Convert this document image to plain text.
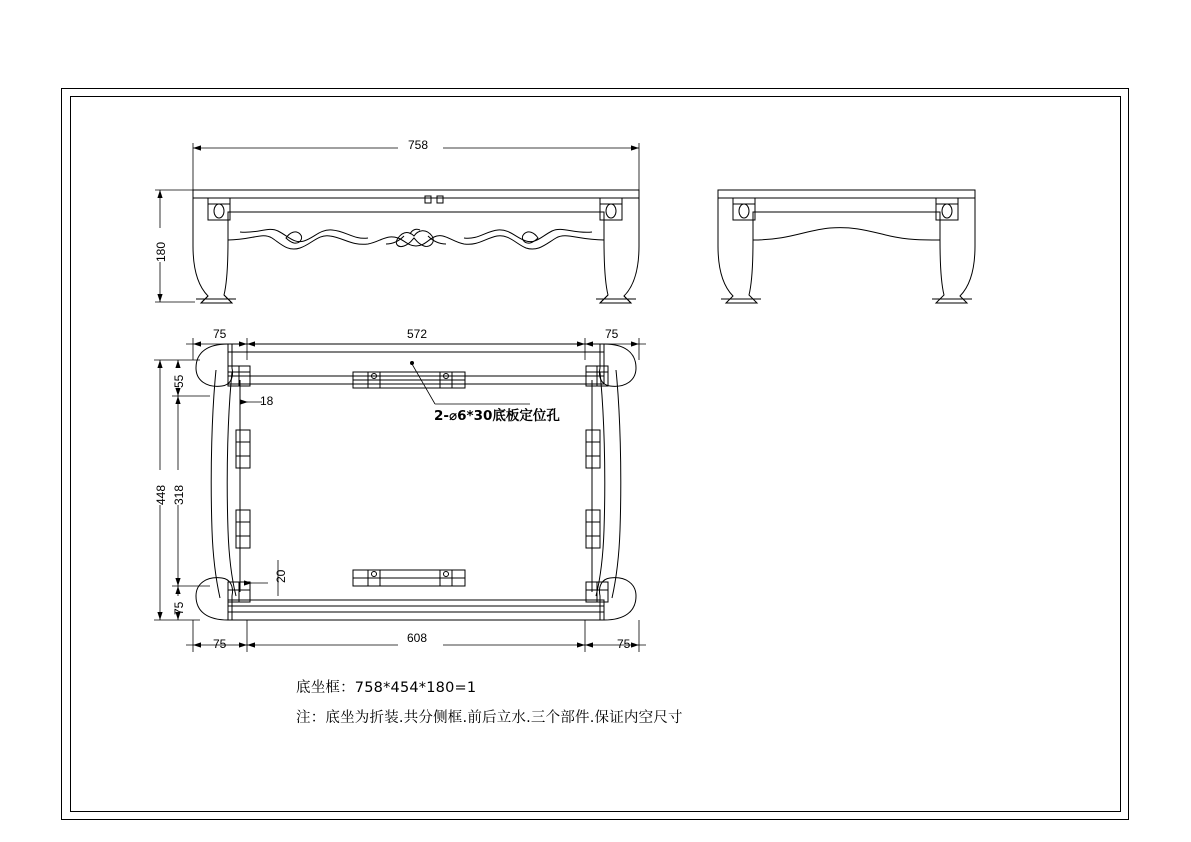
758
180
75	572	75
75	608	75
55
318
448
75
18
20
2-⌀6*30底板定位孔
底坐框：758*454*180=1
注：底坐为折装.共分侧框.前后立水.三个部件.保证内空尺寸
